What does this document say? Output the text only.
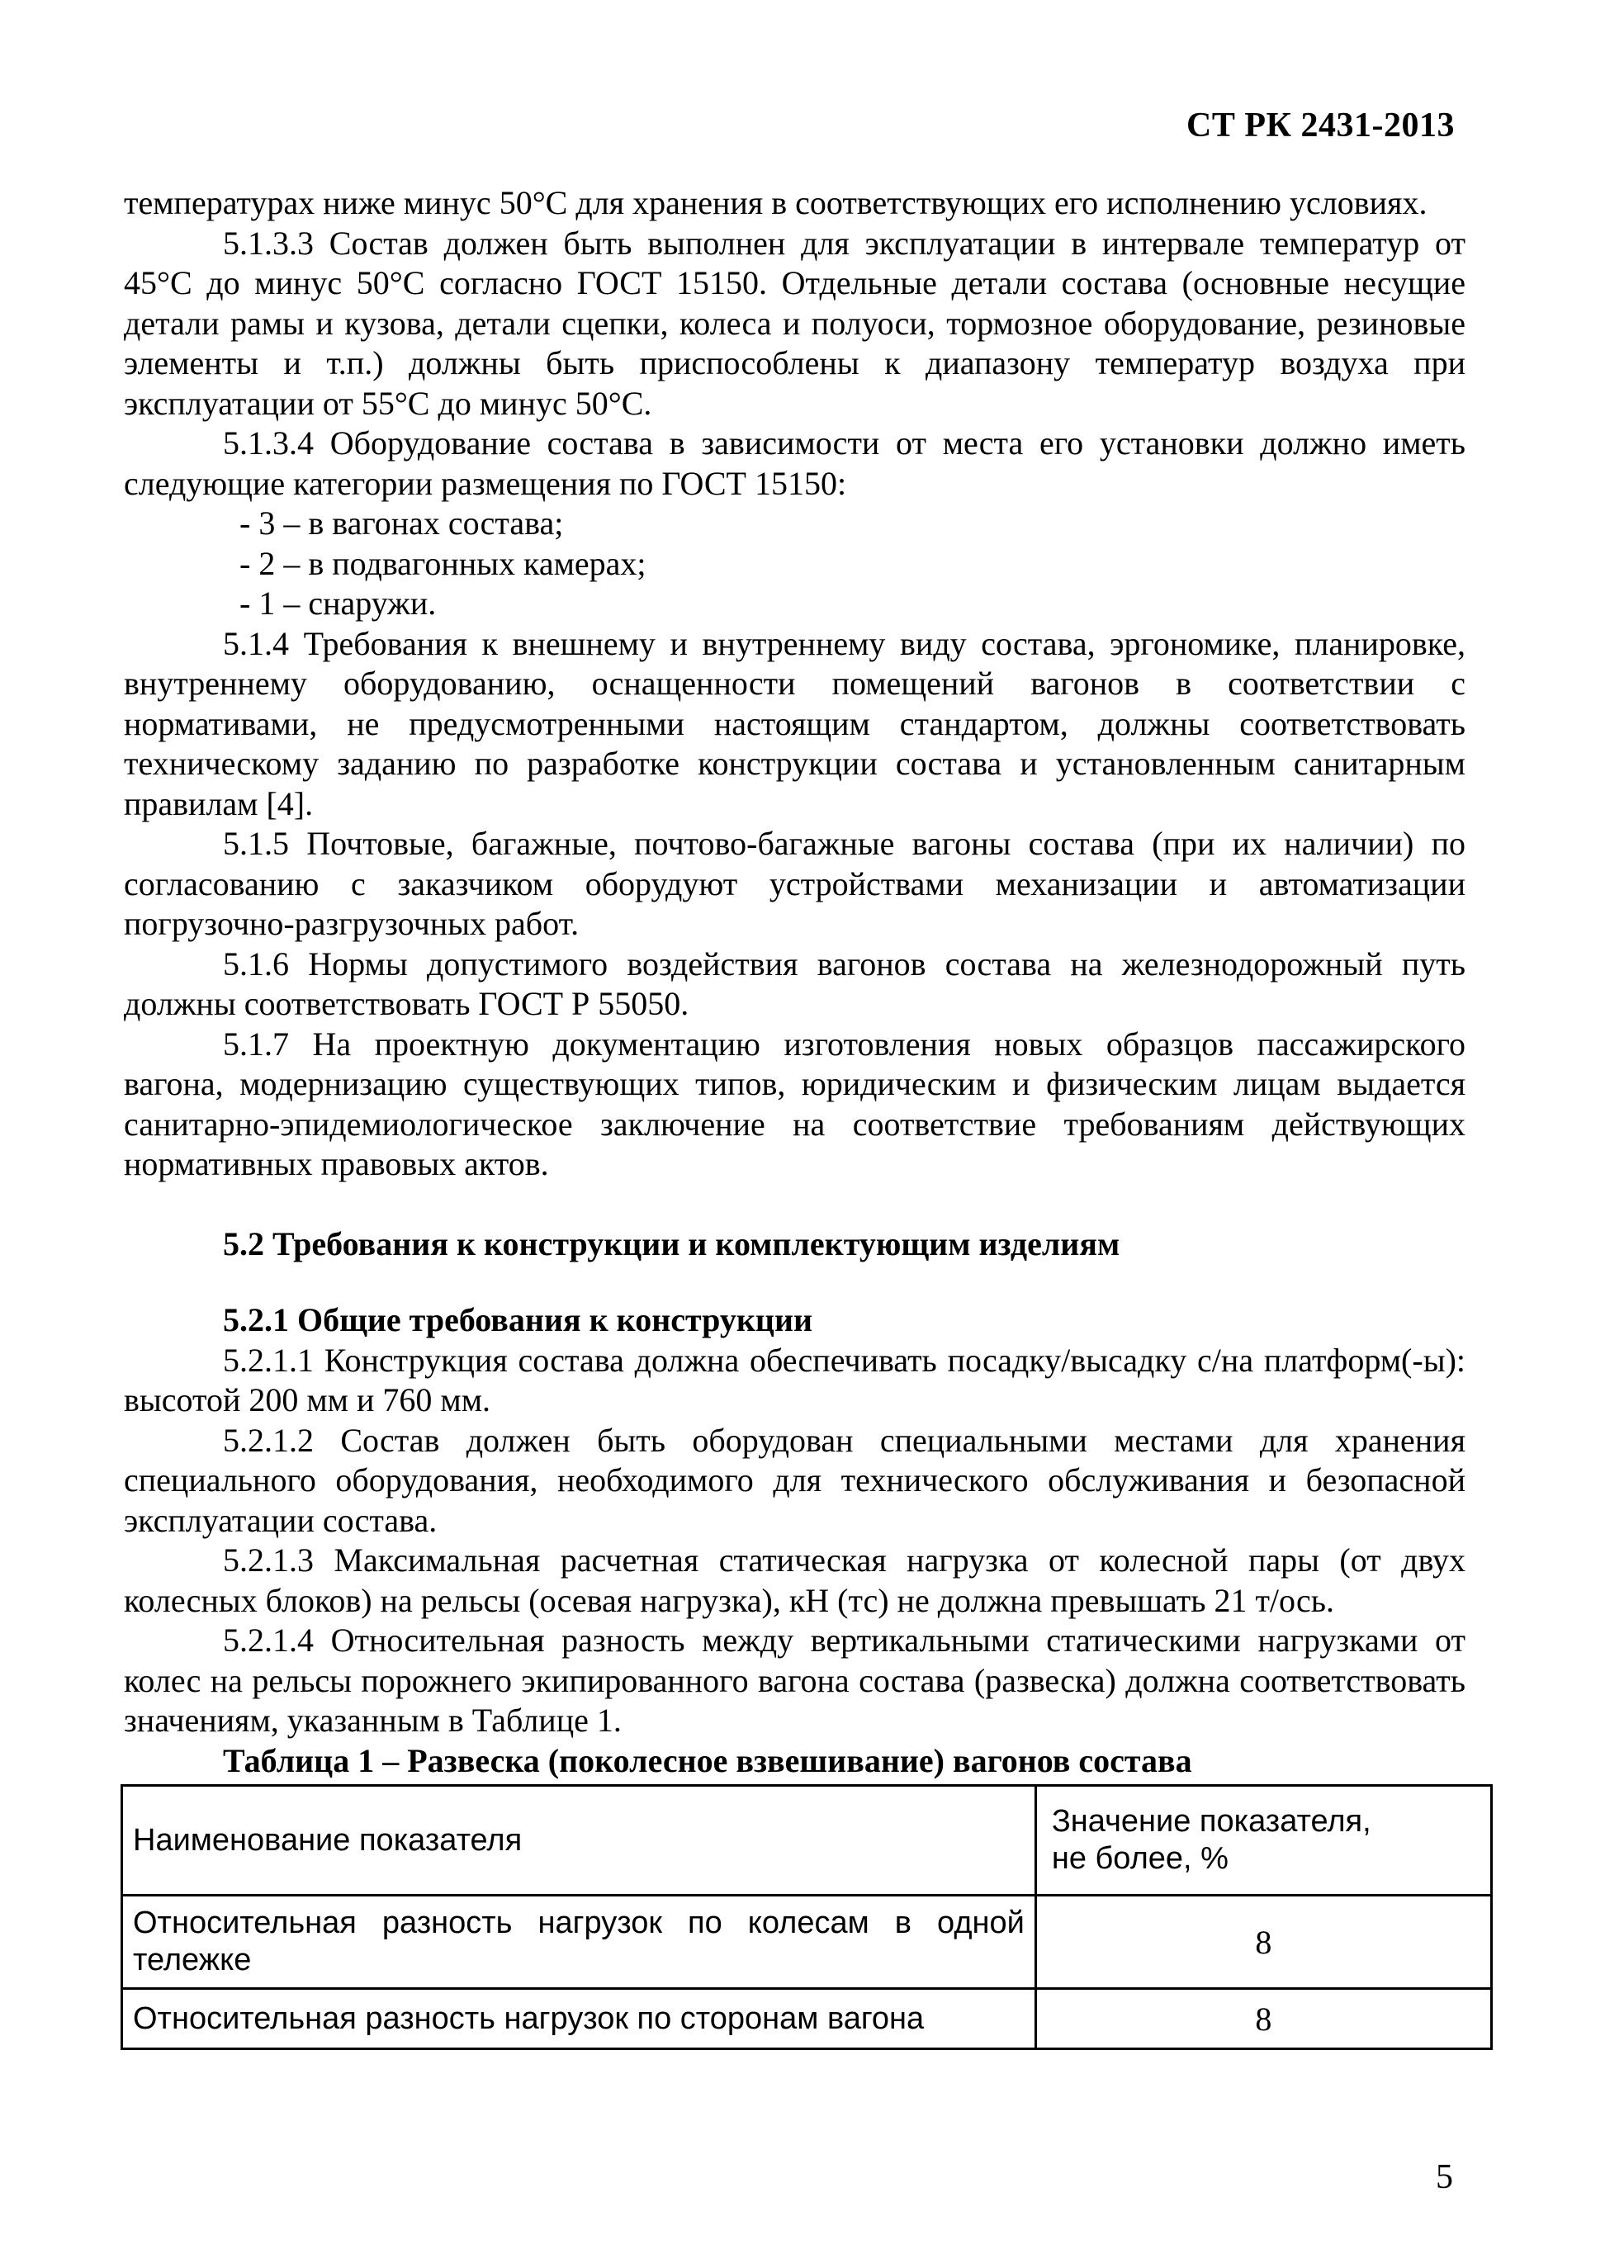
СТ РК 2431-2013

температурах ниже минус 50°С для хранения в соответствующих его исполнению условиях.

5.1.3.3 Состав должен быть выполнен для эксплуатации в интервале температур от 45°С до минус 50°С согласно ГОСТ 15150. Отдельные детали состава (основные несущие детали рамы и кузова, детали сцепки, колеса и полуоси, тормозное оборудование, резиновые элементы и т.п.) должны быть приспособлены к диапазону температур воздуха при эксплуатации от 55°С до минус 50°С.

5.1.3.4 Оборудование состава в зависимости от места его установки должно иметь следующие категории размещения по ГОСТ 15150:

- 3 – в вагонах состава;

- 2 – в подвагонных камерах;

- 1 – снаружи.

5.1.4 Требования к внешнему и внутреннему виду состава, эргономике, планировке, внутреннему оборудованию, оснащенности помещений вагонов в соответствии с нормативами, не предусмотренными настоящим стандартом, должны соответствовать техническому заданию по разработке конструкции состава и установленным санитарным правилам [4].

5.1.5 Почтовые, багажные, почтово-багажные вагоны состава (при их наличии) по согласованию с заказчиком оборудуют устройствами механизации и автоматизации погрузочно-разгрузочных работ.

5.1.6 Нормы допустимого воздействия вагонов состава на железнодорожный путь должны соответствовать ГОСТ Р 55050.

5.1.7 На проектную документацию изготовления новых образцов пассажирского вагона, модернизацию существующих типов, юридическим и физическим лицам выдается санитарно-эпидемиологическое заключение на соответствие требованиям действующих нормативных правовых актов.

5.2 Требования к конструкции и комплектующим изделиям

5.2.1 Общие требования к конструкции

5.2.1.1 Конструкция состава должна обеспечивать посадку/высадку с/на платформ(-ы): высотой 200 мм и 760 мм.

5.2.1.2 Состав должен быть оборудован специальными местами для хранения специального оборудования, необходимого для технического обслуживания и безопасной эксплуатации состава.

5.2.1.3 Максимальная расчетная статическая нагрузка от колесной пары (от двух колесных блоков) на рельсы (осевая нагрузка), кН (тс) не должна превышать 21 т/ось.

5.2.1.4 Относительная разность между вертикальными статическими нагрузками от колес на рельсы порожнего экипированного вагона состава (развеска) должна соответствовать значениям, указанным в Таблице 1.

Таблица 1 – Развеска (поколесное взвешивание) вагонов состава

Наименование показателя	Значение показателя,
не более, %

Относительная разность нагрузок по колесам в одной тележке	8
Относительная разность нагрузок по сторонам вагона	8
5
